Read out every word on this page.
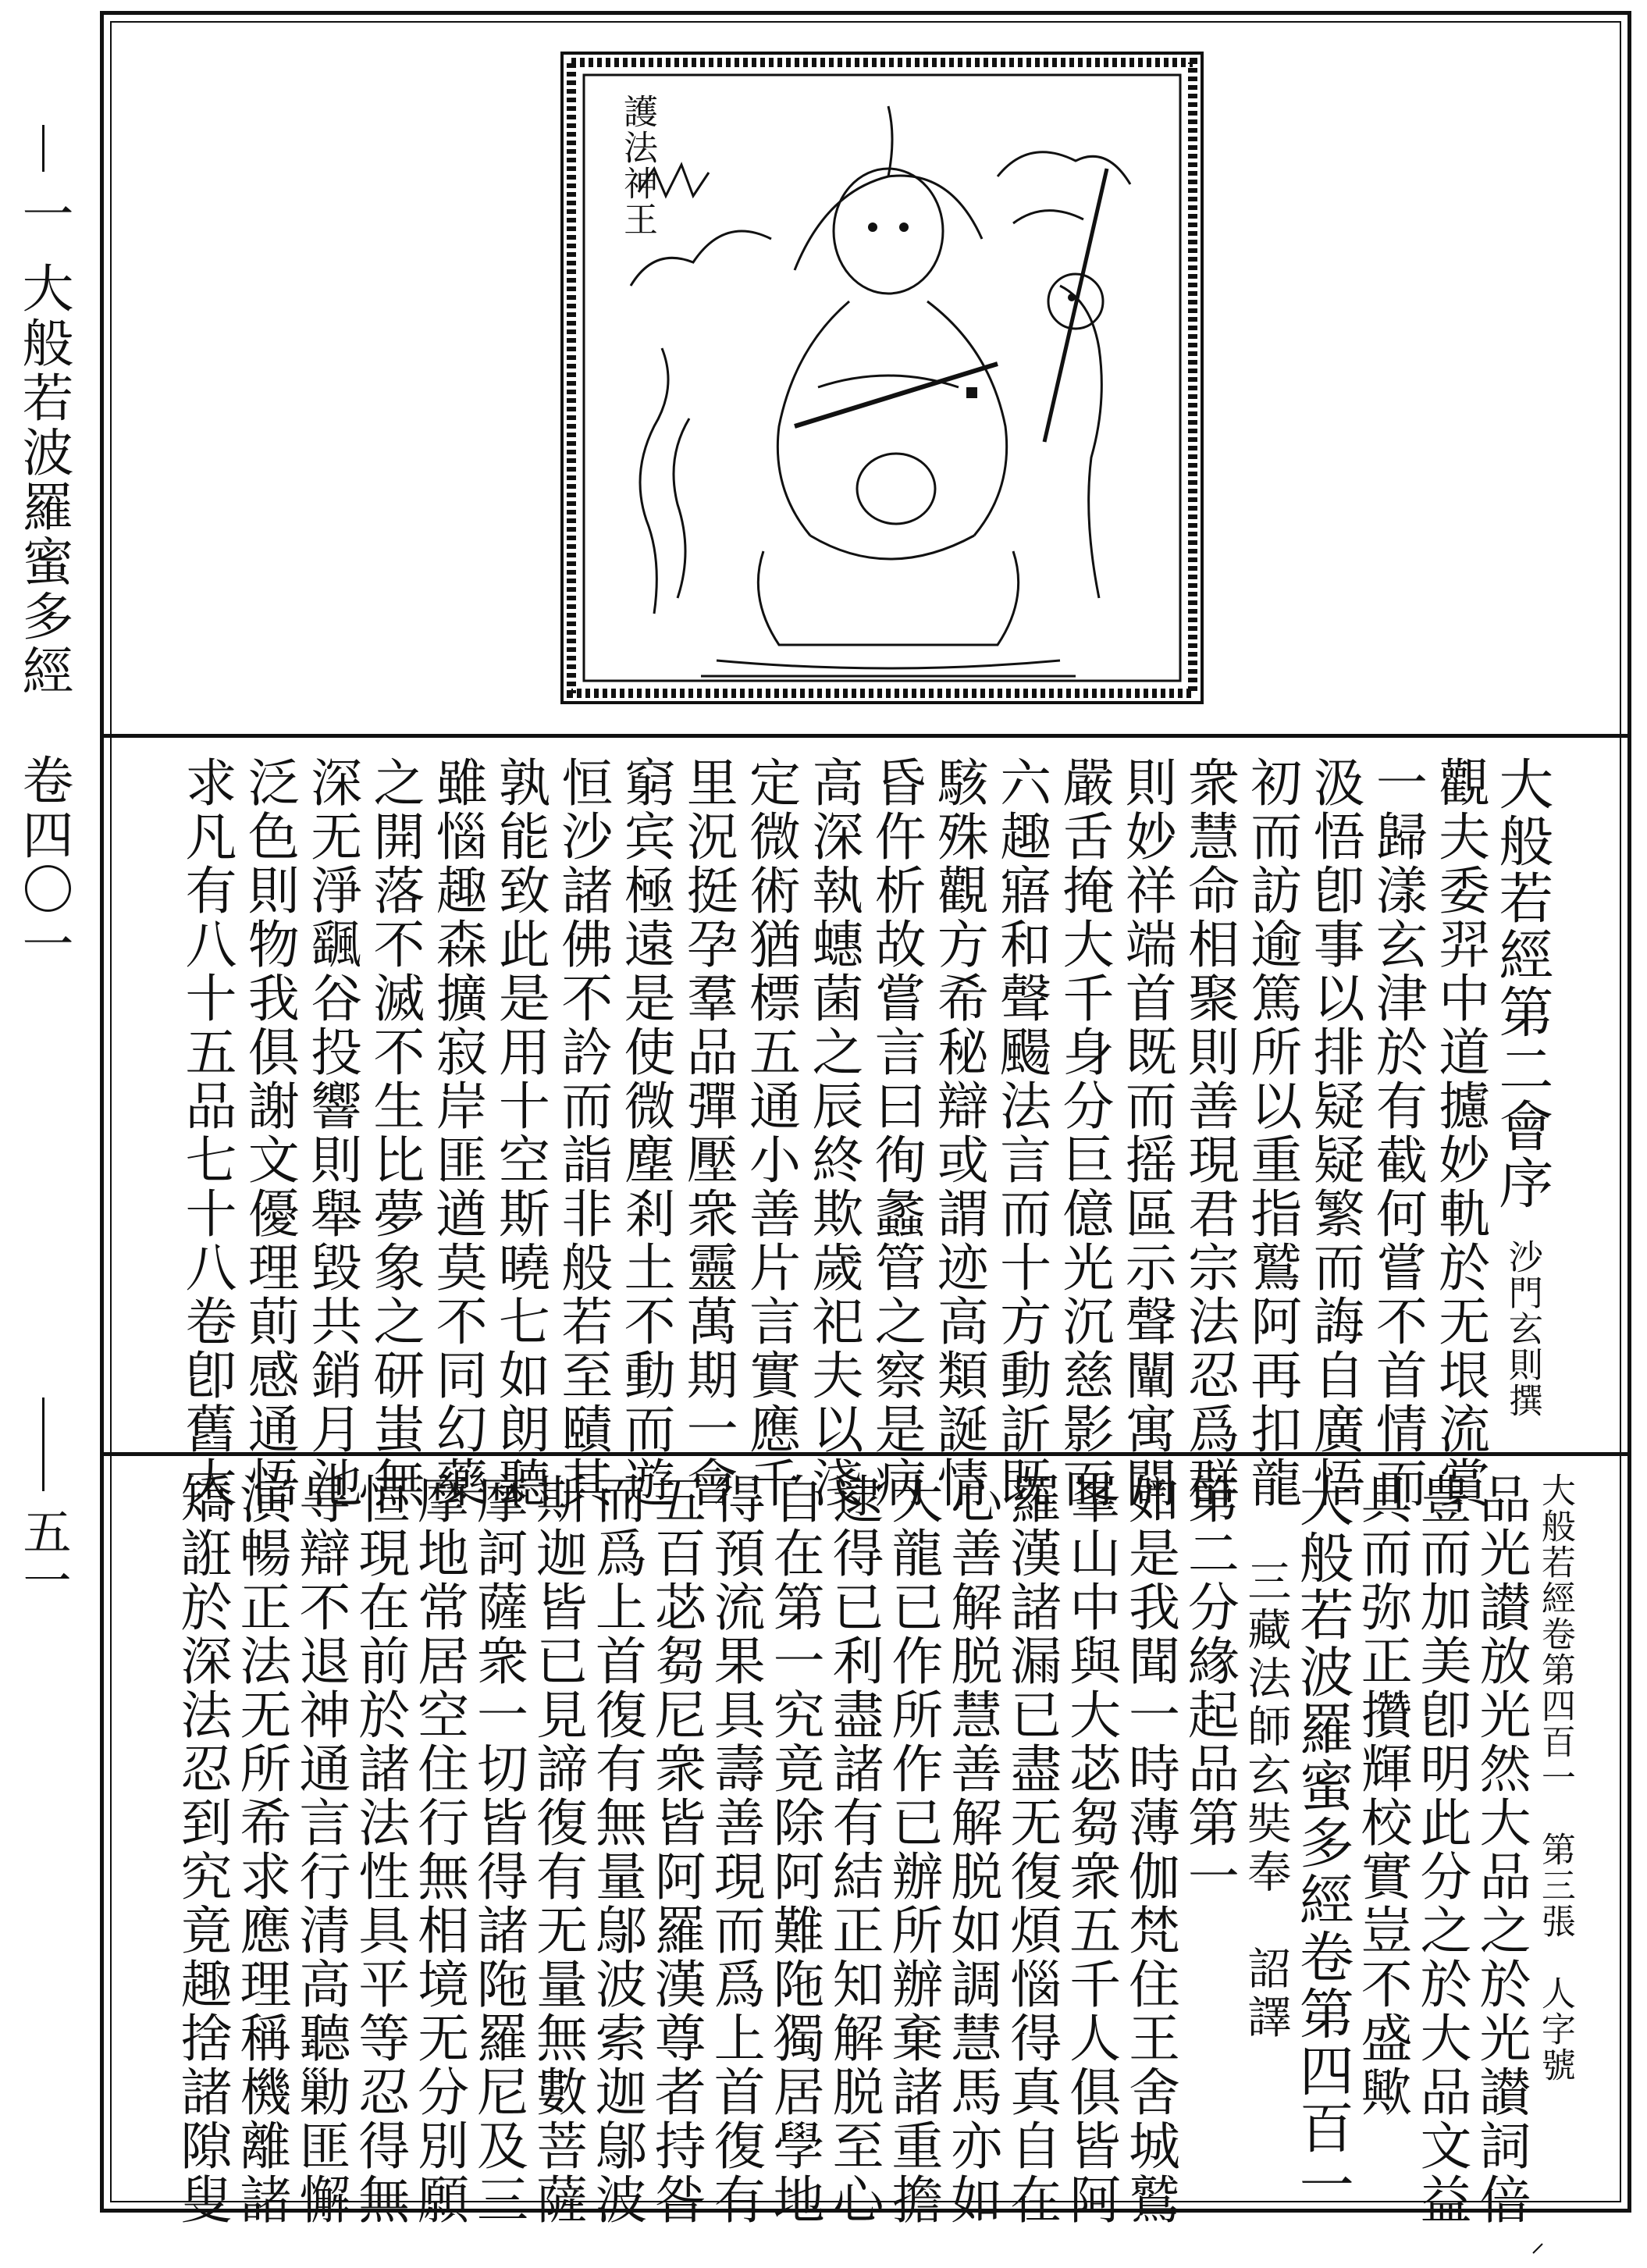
一 大般若波羅蜜多經　卷四〇一
五一
護法神王
大般若經第二會序 沙門玄則撰
觀夫委羿中道攄妙軌於无垠流賞
一歸漾玄津於有截何嘗不首情而
汲悟卽事以排疑疑繁而誨自廣悟
初而訪逾篤所以重指鷲阿再扣龍
衆慧命相聚則善現君宗法忍爲群
則妙祥端首既而摇區示聲闡寓闢
嚴舌掩大千身分巨億光沉慈影而
六趣寤和聲颺法言而十方動訢既
駭殊觀方希秘辯或謂迹高類誕情
昏仵析故嘗言曰徇蠡管之察是病
高深執蟪菌之辰終欺歲祀夫以淺
定微術猶標五通小善片言實應千
里況挺孕羣品彈壓衆靈萬期一會
窮宾極遠是使微塵剎土不動而遊
恒沙諸佛不訡而詣非般若至賾其
孰能致此是用十空斯曉七如朗聽
雖惱趣森擴寂岸匪遒莫不同幻藥
之開落不滅不生比夢象之研蚩無
深无淨颻谷投響則舉毀共銷月池
泛色則物我俱謝文優理萴感通悟
求凡有八十五品七十八卷卽舊大
大般若經卷第四百一　第三張　人字號
品光讃放光然大品之於光讃詞倍
豊而加美卽明此分之於大品文益
具而弥正攢輝校實豈不盛歟
大般若波羅蜜多經卷第四百一
三藏法師玄奘奉　詔譯
第二分緣起品第一
如是我聞一時薄伽梵住王舍城鷲
峯山中與大苾芻衆五千人俱皆阿
羅漢諸漏已盡无復煩惱得真自在
心善解脱慧善解脱如調慧馬亦如
大龍已作所作已辦所辦棄諸重擔
逮得已利盡諸有結正知解脱至心
自在第一究竟除阿難陁獨居學地
得預流果具壽善現而爲上首復有
五百苾芻尼衆皆阿羅漢尊者持咎
而爲上首復有無量鄔波索迦鄔波
斯迦皆已見諦復有无量無數菩薩
摩訶薩衆一切皆得諸陁羅尼及三
摩地常居空住行無相境无分別願
恒現在前於諸法性具平等忍得無
㝵辯不退神通言行清高聽勦匪懈
演暢正法无所希求應理稱機離諸
矯誑於深法忍到究竟趣捨諸隙叟
